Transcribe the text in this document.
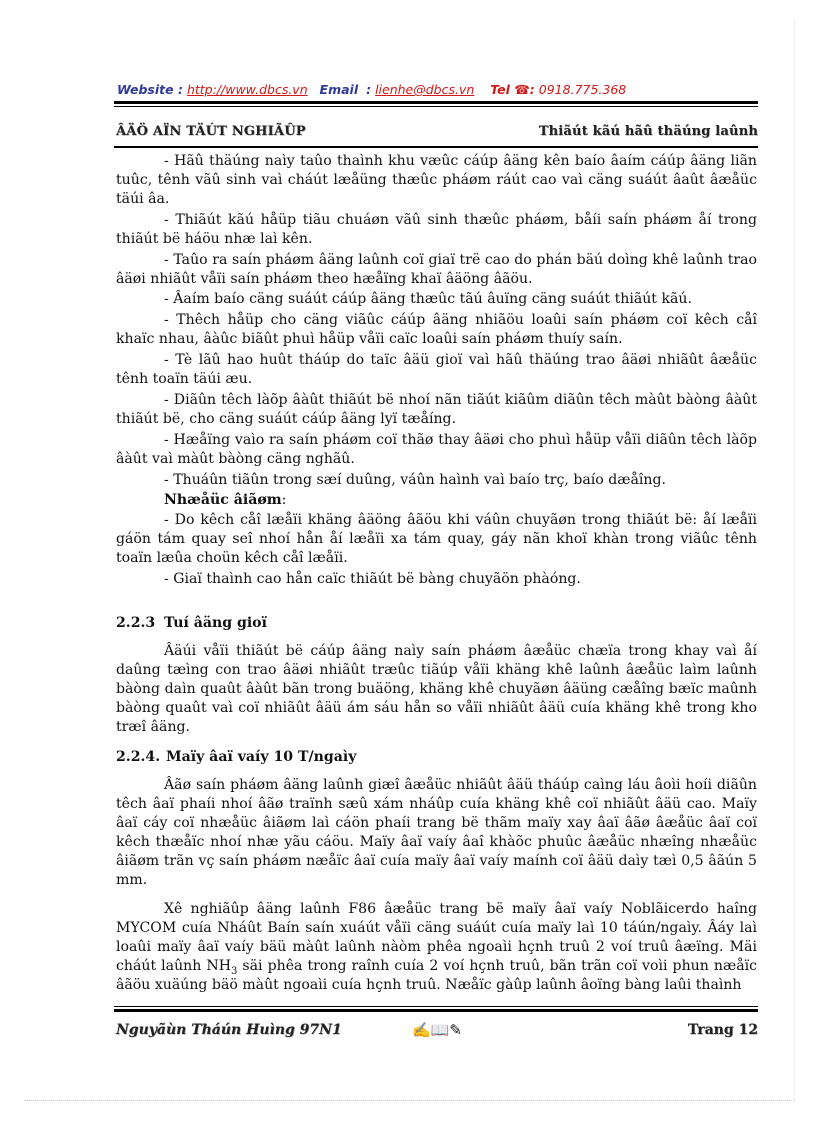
Website : http://www.dbcs.vn Email : lienhe@dbcs.vn Tel ☎: 0918.775.368
ÂÄÖ AÏN TÄÚT NGHIÃÛP	Thiãút kãú hãû thäúng laûnh

- Hãû thäúng naìy taûo thaình khu væûc cáúp âäng kên baío âaím cáúp âäng liãn tuûc, tênh vãû sinh vaì cháút læåüng thæûc pháøm ráút cao vaì cäng suáút âaût âæåüc täúi âa.

- Thiãút kãú håüp tiãu chuáøn vãû sinh thæûc pháøm, båíi saín pháøm åí trong thiãút bë háöu nhæ laì kên.

- Taûo ra saín pháøm âäng laûnh coï giaï trë cao do phán bäú doìng khê laûnh trao âäøi nhiãût våïi saín pháøm theo hæåïng khaï âäöng âãöu.

- Âaím baío cäng suáút cáúp âäng thæûc tãú âuïng cäng suáút thiãút kãú.

- Thêch håüp cho cäng viãûc cáúp âäng nhiãöu loaûi saín pháøm coï kêch cåî khaïc nhau, âàûc biãût phuì håüp våïi caïc loaûi saín pháøm thuíy saín.

- Tè lãû hao huût tháúp do taïc âäü gioï vaì hãû thäúng trao âäøi nhiãût âæåüc tênh toaïn täúi æu.

- Diãûn têch làõp âàût thiãút bë nhoí nãn tiãút kiãûm diãûn têch màût bàòng âàût thiãút bë, cho cäng suáút cáúp âäng lyï tæåíng.

- Hæåïng vaìo ra saín pháøm coï thãø thay âäøi cho phuì håüp våïi diãûn têch làõp âàût vaì màût bàòng cäng nghãû.

- Thuáûn tiãûn trong sæí duûng, váûn haình vaì baío trç, baío dæåîng.

Nhæåüc âiãøm:

- Do kêch cåî læåïi khäng âäöng âãöu khi váûn chuyãøn trong thiãút bë: åí læåïi gáön tám quay seî nhoí hån åí læåïi xa tám quay, gáy nãn khoï khàn trong viãûc tênh toaïn læûa choün kêch cåî læåïi.

- Giaï thaình cao hån caïc thiãút bë bàng chuyãön phàóng.

2.2.3 Tuí âäng gioï

Âäúi våïi thiãút bë cáúp âäng naìy saín pháøm âæåüc chæïa trong khay vaì åí daûng tæìng con trao âäøi nhiãût træûc tiãúp våïi khäng khê laûnh âæåüc laìm laûnh bàòng daìn quaût âàût bãn trong buäöng, khäng khê chuyãøn âäüng cæåîng bæïc maûnh bàòng quaût vaì coï nhiãût âäü ám sáu hån so våïi nhiãût âäü cuía khäng khê trong kho træî âäng.

2.2.4. Maïy âaï vaíy 10 T/ngaìy

Âãø saín pháøm âäng laûnh giæî âæåüc nhiãût âäü tháúp caìng láu âoìi hoíi diãûn têch âaï phaíi nhoí âãø traïnh sæû xám nháûp cuía khäng khê coï nhiãût âäü cao. Maïy âaï cáy coï nhæåüc âiãøm laì cáön phaíi trang bë thãm maïy xay âaï âãø âæåüc âaï coï kêch thæåïc nhoí nhæ yãu cáöu. Maïy âaï vaíy âaî khàõc phuûc âæåüc nhæîng nhæåüc âiãøm trãn vç saín pháøm næåïc âaï cuía maïy âaï vaíy maính coï âäü daìy tæì 0,5 âãún 5 mm.

Xê nghiãûp âäng laûnh F86 âæåüc trang bë maïy âaï vaíy Noblãicerdo haîng MYCOM cuía Nháût Baín saín xuáút våïi cäng suáút cuía maïy laì 10 táún/ngaìy. Âáy laì loaûi maïy âaï vaíy bäü màût laûnh nàòm phêa ngoaìi hçnh truû 2 voí truû âæïng. Mäi cháút laûnh $NH_3$ säi phêa trong raînh cuía 2 voí hçnh truû, bãn trãn coï voìi phun næåïc âãöu xuäúng bäö màût ngoaìi cuía hçnh truû. Næåïc gàûp laûnh âoïng bàng laûi thaình

Nguyãùn Tháún Huìng 97N1	✍📖✎	Trang 12
